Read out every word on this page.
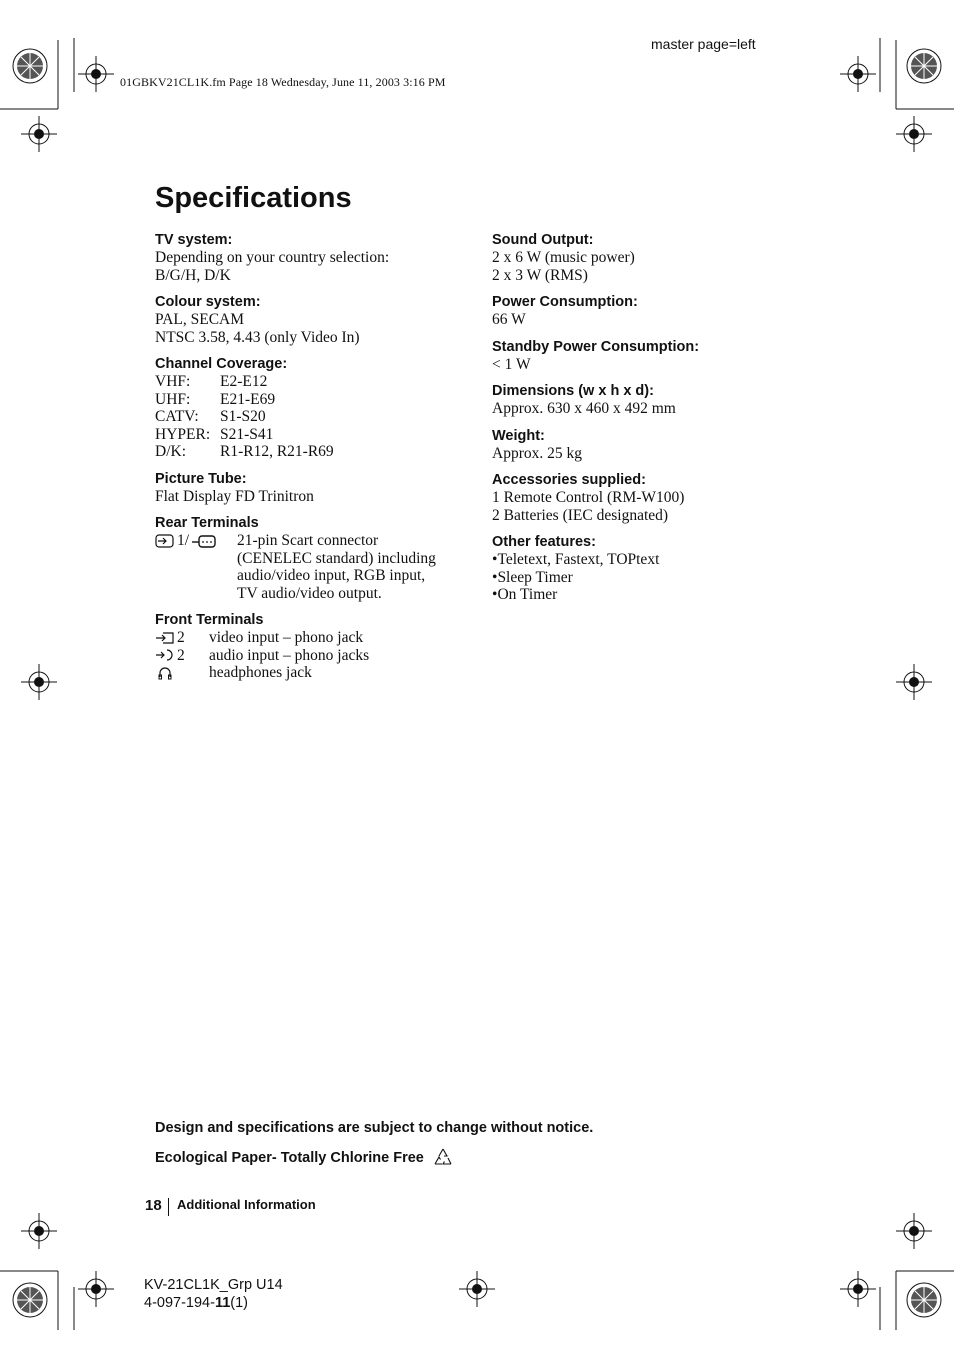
master page=left
01GBKV21CL1K.fm Page 18 Wednesday, June 11, 2003 3:16 PM
Specifications
TV system:
Depending on your country selection:
B/G/H, D/K
Colour system:
PAL, SECAM
NTSC 3.58, 4.43 (only Video In)
Channel Coverage:
VHF:	E2-E12
UHF:	E21-E69
CATV:	S1-S20
HYPER: S21-S41
D/K:	R1-R12, R21-R69
Picture Tube:
Flat Display FD Trinitron
Rear Terminals
1/	21-pin Scart connector
(CENELEC standard) including
audio/video input, RGB input,
TV audio/video output.
Front Terminals
2 video input – phono jack
2 audio input – phono jacks
headphones jack
Sound Output:
2 x 6 W (music power)
2 x 3 W (RMS)
Power Consumption:
66 W
Standby Power Consumption:
< 1 W
Dimensions (w x h x d):
Approx. 630 x 460 x 492 mm
Weight:
Approx. 25 kg
Accessories supplied:
1 Remote Control (RM-W100)
2 Batteries (IEC designated)
Other features:
•Teletext, Fastext, TOPtext
•Sleep Timer
•On Timer
Design and specifications are subject to change without notice.
Ecological Paper- Totally Chlorine Free
18 Additional Information
KV-21CL1K_Grp U14
4-097-194-11(1)
